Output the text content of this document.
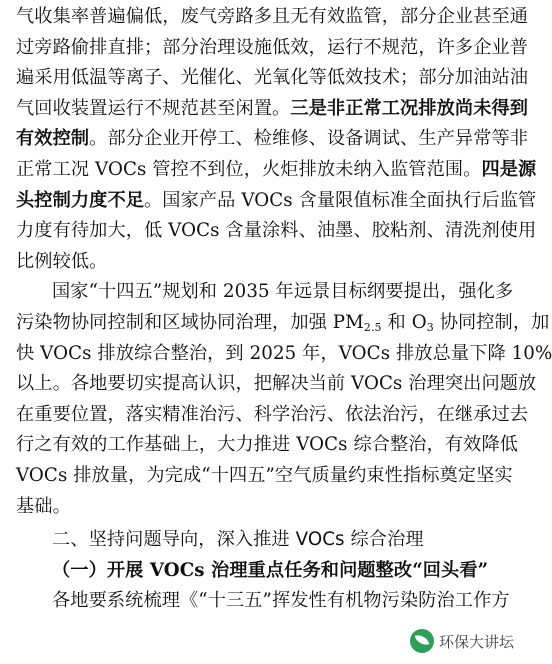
气收集率普遍偏低，废气旁路多且无有效监管，部分企业甚至通
过旁路偷排直排；部分治理设施低效，运行不规范，许多企业普
遍采用低温等离子、光催化、光氧化等低效技术；部分加油站油
气回收装置运行不规范甚至闲置。三是非正常工况排放尚未得到
有效控制。部分企业开停工、检维修、设备调试、生产异常等非
正常工况 VOCs 管控不到位，火炬排放未纳入监管范围。四是源
头控制力度不足。国家产品 VOCs 含量限值标准全面执行后监管
力度有待加大，低 VOCs 含量涂料、油墨、胶粘剂、清洗剂使用
比例较低。
国家“十四五”规划和 2035 年远景目标纲要提出，强化多
污染物协同控制和区域协同治理，加强 $PM_{2.5}$ 和 $O_3$ 协同控制，加
快 VOCs 排放综合整治，到 2025 年，VOCs 排放总量下降 10%
以上。各地要切实提高认识，把解决当前 VOCs 治理突出问题放
在重要位置，落实精准治污、科学治污、依法治污，在继承过去
行之有效的工作基础上，大力推进 VOCs 综合整治，有效降低
VOCs 排放量，为完成“十四五”空气质量约束性指标奠定坚实
基础。
二、坚持问题导向，深入推进 VOCs 综合治理
（一）开展 VOCs 治理重点任务和问题整改“回头看”
各地要系统梳理《“十三五”挥发性有机物污染防治工作方
环保大讲坛
